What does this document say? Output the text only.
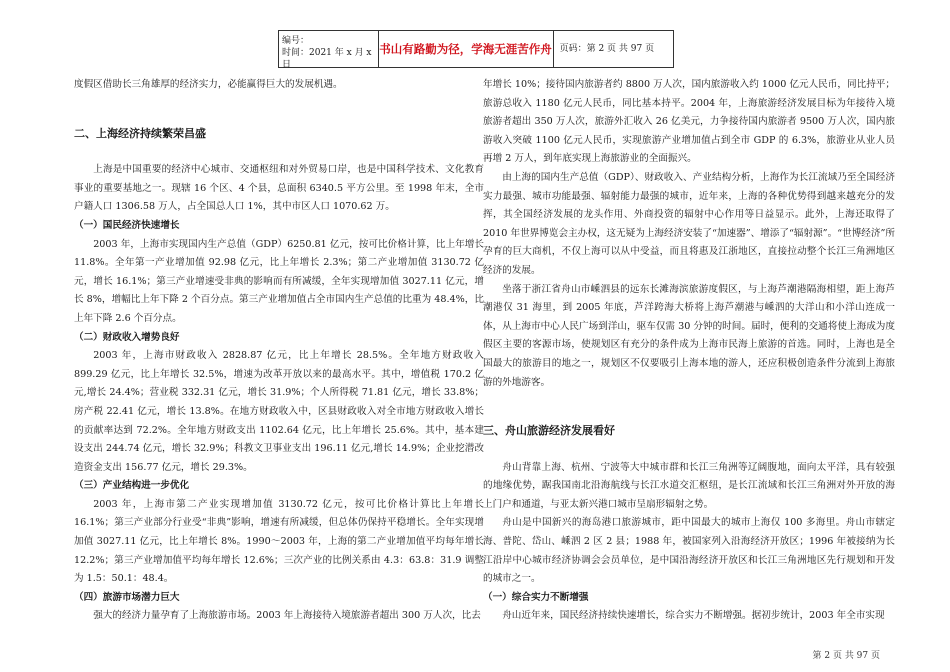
编号：
时间：2021 年 x 月 x 日
书山有路勤为径，学海无涯苦作舟 页码：第 2 页 共 97 页

度假区借助长三角雄厚的经济实力，必能赢得巨大的发展机遇。

二、上海经济持续繁荣昌盛

上海是中国重要的经济中心城市、交通枢纽和对外贸易口岸，也是中国科学技术、文化教育事业的重要基地之一。现辖 16 个区、4 个县，总面积 6340.5 平方公里。至 1998 年末，全市户籍人口 1306.58 万人，占全国总人口 1%，其中市区人口 1070.62 万。

（一）国民经济快速增长

2003 年，上海市实现国内生产总值（GDP）6250.81 亿元，按可比价格计算，比上年增长 11.8%。全年第一产业增加值 92.98 亿元，比上年增长 2.3%；第二产业增加值 3130.72 亿元，增长 16.1%；第三产业增速受非典的影响而有所减缓，全年实现增加值 3027.11 亿元，增长 8%，增幅比上年下降 2 个百分点。第三产业增加值占全市国内生产总值的比重为 48.4%，比上年下降 2.6 个百分点。

（二）财政收入增势良好

2003 年，上海市财政收入 2828.87 亿元，比上年增长 28.5%。全年地方财政收入 899.29 亿元，比上年增长 32.5%，增速为改革开放以来的最高水平。其中，增值税 170.2 亿元,增长 24.4%；营业税 332.31 亿元，增长 31.9%；个人所得税 71.81 亿元，增长 33.8%；房产税 22.41 亿元，增长 13.8%。在地方财政收入中，区县财政收入对全市地方财政收入增长的贡献率达到 72.2%。全年地方财政支出 1102.64 亿元，比上年增长 25.6%。其中，基本建设支出 244.74 亿元，增长 32.9%；科教文卫事业支出 196.11 亿元,增长 14.9%；企业挖潜改造资金支出 156.77 亿元，增长 29.3%。

（三）产业结构进一步优化

2003 年，上海市第二产业实现增加值 3130.72 亿元，按可比价格计算比上年增长 16.1%；第三产业部分行业受“非典”影响，增速有所减缓，但总体仍保持平稳增长。全年实现增加值 3027.11 亿元，比上年增长 8%。1990～2003 年，上海的第二产业增加值平均每年增长 12.2%；第三产业增加值平均每年增长 12.6%；三次产业的比例关系由 4.3：63.8：31.9 调整为 1.5：50.1：48.4。

（四）旅游市场潜力巨大

强大的经济力量孕育了上海旅游市场。2003 年上海接待入境旅游者超出 300 万人次，比去

年增长 10%；接待国内旅游者约 8800 万人次，国内旅游收入约 1000 亿元人民币，同比持平；旅游总收入 1180 亿元人民币，同比基本持平。2004 年，上海旅游经济发展目标为年接待入境旅游者超出 350 万人次，旅游外汇收入 26 亿美元，力争接待国内旅游者 9500 万人次，国内旅游收入突破 1100 亿元人民币，实现旅游产业增加值占到全市 GDP 的 6.3%，旅游业从业人员再增 2 万人，到年底实现上海旅游业的全面振兴。

由上海的国内生产总值（GDP）、财政收入、产业结构分析，上海作为长江流域乃至全国经济实力最强、城市功能最强、辐射能力最强的城市，近年来，上海的各种优势得到越来越充分的发挥，其全国经济发展的龙头作用、外商投资的辐射中心作用等日益显示。此外，上海还取得了 2010 年世界博览会主办权，这无疑为上海经济安装了“加速器”、增添了“辐射源”。“世博经济”所孕育的巨大商机，不仅上海可以从中受益，而且将惠及江浙地区，直接拉动整个长江三角洲地区经济的发展。

坐落于浙江省舟山市嵊泗县的远东长滩海滨旅游度假区，与上海芦潮港隔海相望，距上海芦潮港仅 31 海里，到 2005 年底，芦洋跨海大桥将上海芦潮港与嵊泗的大洋山和小洋山连成一体，从上海市中心人民广场到洋山，驱车仅需 30 分钟的时间。届时，便利的交通将使上海成为度假区主要的客源市场，使规划区有充分的条件成为上海市民海上旅游的首选。同时，上海也是全国最大的旅游目的地之一，规划区不仅要吸引上海本地的游人，还应积极创造条件分流到上海旅游的外地游客。

三、舟山旅游经济发展看好

舟山背靠上海、杭州、宁波等大中城市群和长江三角洲等辽阔腹地，面向太平洋，具有较强的地缘优势，踞我国南北沿海航线与长江水道交汇枢纽，是长江流域和长江三角洲对外开放的海上门户和通道，与亚太新兴港口城市呈扇形辐射之势。

舟山是中国新兴的海岛港口旅游城市，距中国最大的城市上海仅 100 多海里。舟山市辖定海、普陀、岱山、嵊泗 2 区 2 县；1988 年，被国家列入沿海经济开放区；1996 年被接纳为长江沿岸中心城市经济协调会会员单位，是中国沿海经济开放区和长江三角洲地区先行规划和开发的城市之一。

（一）综合实力不断增强

舟山近年来，国民经济持续快速增长，综合实力不断增强。据初步统计，2003 年全市实现

第 2 页 共 97 页
